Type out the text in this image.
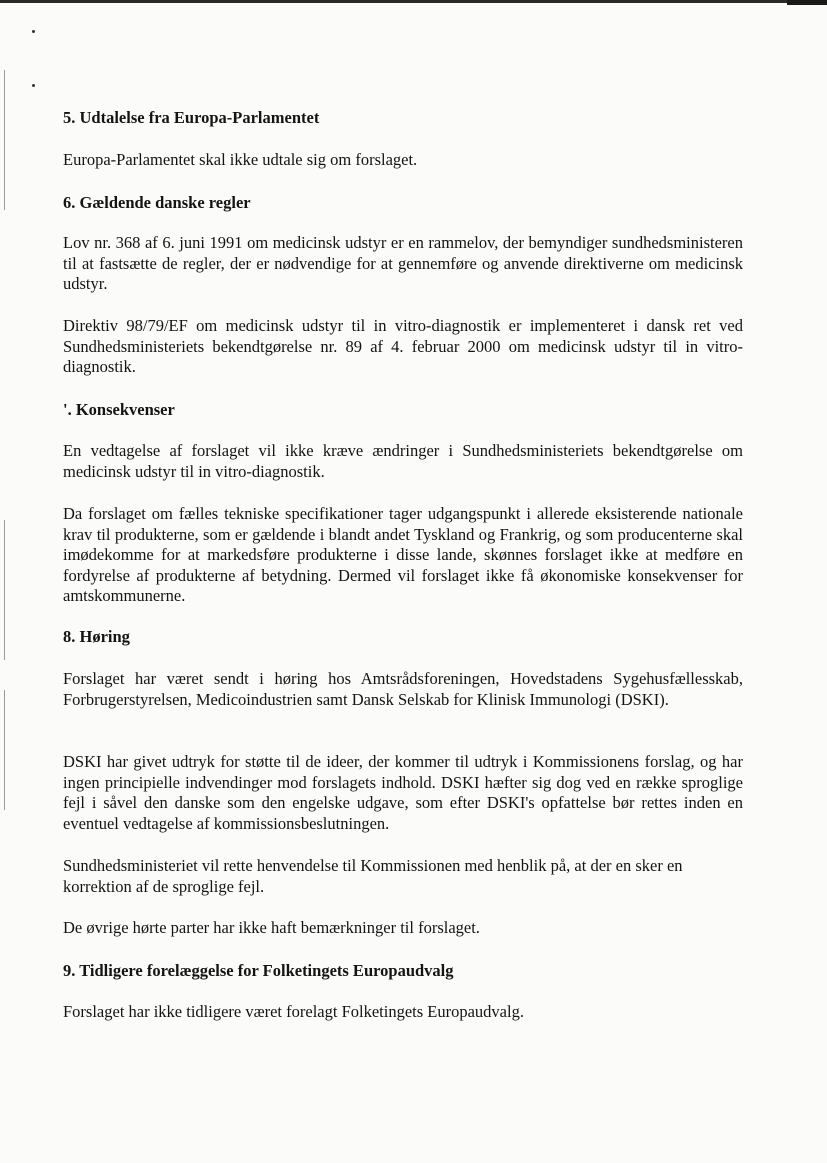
5. Udtalelse fra Europa-Parlamentet

Europa-Parlamentet skal ikke udtale sig om forslaget.

6. Gældende danske regler

Lov nr. 368 af 6. juni 1991 om medicinsk udstyr er en rammelov, der bemyndiger sundhedsministeren til at fastsætte de regler, der er nødvendige for at gennemføre og anvende direktiverne om medicinsk udstyr.

Direktiv 98/79/EF om medicinsk udstyr til in vitro-diagnostik er implementeret i dansk ret ved Sundhedsministeriets bekendtgørelse nr. 89 af 4. februar 2000 om medicinsk udstyr til in vitro-diagnostik.

'. Konsekvenser

En vedtagelse af forslaget vil ikke kræve ændringer i Sundhedsministeriets bekendtgørelse om medicinsk udstyr til in vitro-diagnostik.

Da forslaget om fælles tekniske specifikationer tager udgangspunkt i allerede eksisterende nationale krav til produkterne, som er gældende i blandt andet Tyskland og Frankrig, og som producenterne skal imødekomme for at markedsføre produkterne i disse lande, skønnes forslaget ikke at medføre en fordyrelse af produkterne af betydning. Dermed vil forslaget ikke få økonomiske konsekvenser for amtskommunerne.

8. Høring

Forslaget har været sendt i høring hos Amtsrådsforeningen, Hovedstadens Sygehusfællesskab, Forbrugerstyrelsen, Medicoindustrien samt Dansk Selskab for Klinisk Immunologi (DSKI).

DSKI har givet udtryk for støtte til de ideer, der kommer til udtryk i Kommissionens forslag, og har ingen principielle indvendinger mod forslagets indhold. DSKI hæfter sig dog ved en række sproglige fejl i såvel den danske som den engelske udgave, som efter DSKI's opfattelse bør rettes inden en eventuel vedtagelse af kommissionsbeslutningen.

Sundhedsministeriet vil rette henvendelse til Kommissionen med henblik på, at der en sker en korrektion af de sproglige fejl.

De øvrige hørte parter har ikke haft bemærkninger til forslaget.

9. Tidligere forelæggelse for Folketingets Europaudvalg

Forslaget har ikke tidligere været forelagt Folketingets Europaudvalg.
